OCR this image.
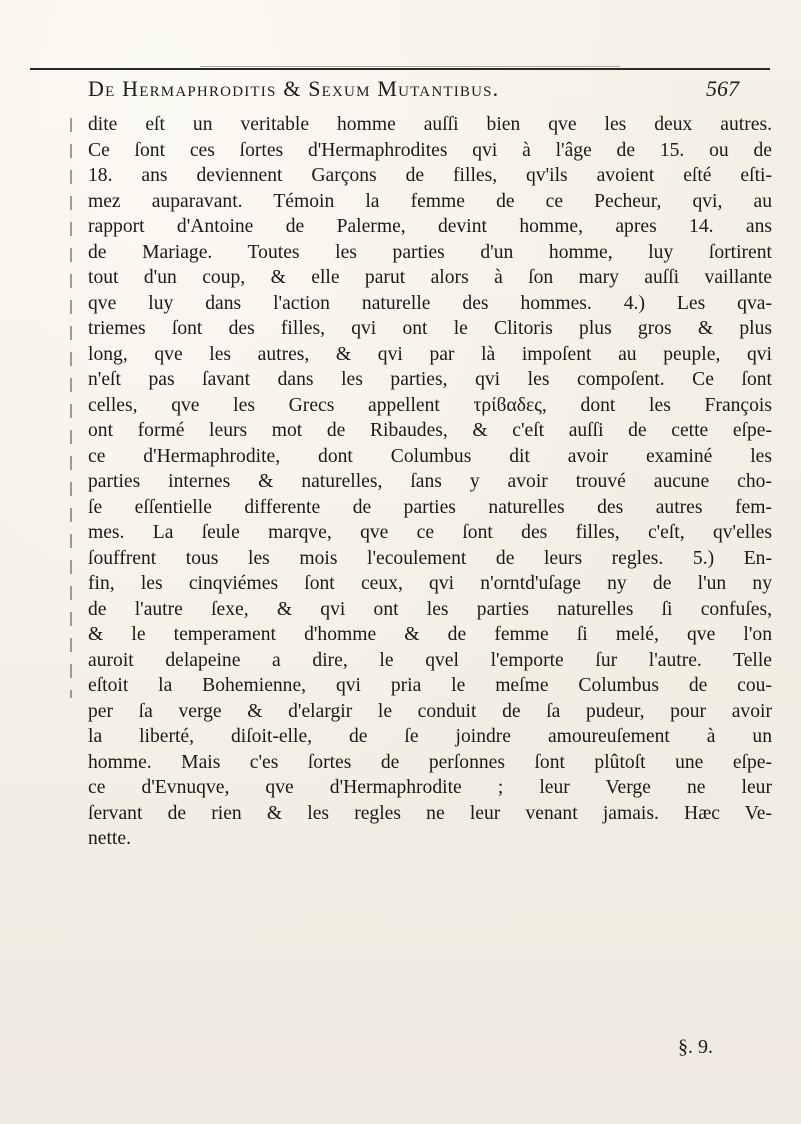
De Hermaphroditis & Sexum Mutantibus.	567
dite eſt un veritable homme auſſi bien qve les deux autres.
Ce ſont ces ſortes d'Hermaphrodites qvi à l'âge de 15. ou de
18. ans deviennent Garçons de filles, qv'ils avoient eſté eſti-
mez auparavant. Témoin la femme de ce Pecheur, qvi, au
rapport d'Antoine de Palerme, devint homme, apres 14. ans
de Mariage. Toutes les parties d'un homme, luy ſortirent
tout d'un coup, & elle parut alors à ſon mary auſſi vaillante
qve luy dans l'action naturelle des hommes. 4.) Les qva-
triemes ſont des filles, qvi ont le Clitoris plus gros & plus
long, qve les autres, & qvi par là impoſent au peuple, qvi
n'eſt pas ſavant dans les parties, qvi les compoſent. Ce ſont
celles, qve les Grecs appellent τρίϐαδες, dont les François
ont formé leurs mot de Ribaudes, & c'eſt auſſi de cette eſpe-
ce d'Hermaphrodite, dont Columbus dit avoir examiné les
parties internes & naturelles, ſans y avoir trouvé aucune cho-
ſe eſſentielle differente de parties naturelles des autres fem-
mes. La ſeule marqve, qve ce ſont des filles, c'eſt, qv'elles
ſouffrent tous les mois l'ecoulement de leurs regles. 5.) En-
fin, les cinqviémes ſont ceux, qvi n'orntd'uſage ny de l'un ny
de l'autre ſexe, & qvi ont les parties naturelles ſi confuſes,
& le temperament d'homme & de femme ſi melé, qve l'on
auroit delapeine a dire, le qvel l'emporte ſur l'autre. Telle
eſtoit la Bohemienne, qvi pria le meſme Columbus de cou-
per ſa verge & d'elargir le conduit de ſa pudeur, pour avoir
la liberté, diſoit-elle, de ſe joindre amoureuſement à un
homme. Mais c'es ſortes de perſonnes ſont plûtoſt une eſpe-
ce d'Evnuqve, qve d'Hermaphrodite ; leur Verge ne leur
ſervant de rien & les regles ne leur venant jamais. Hæc Ve-
nette.
§. 9.
